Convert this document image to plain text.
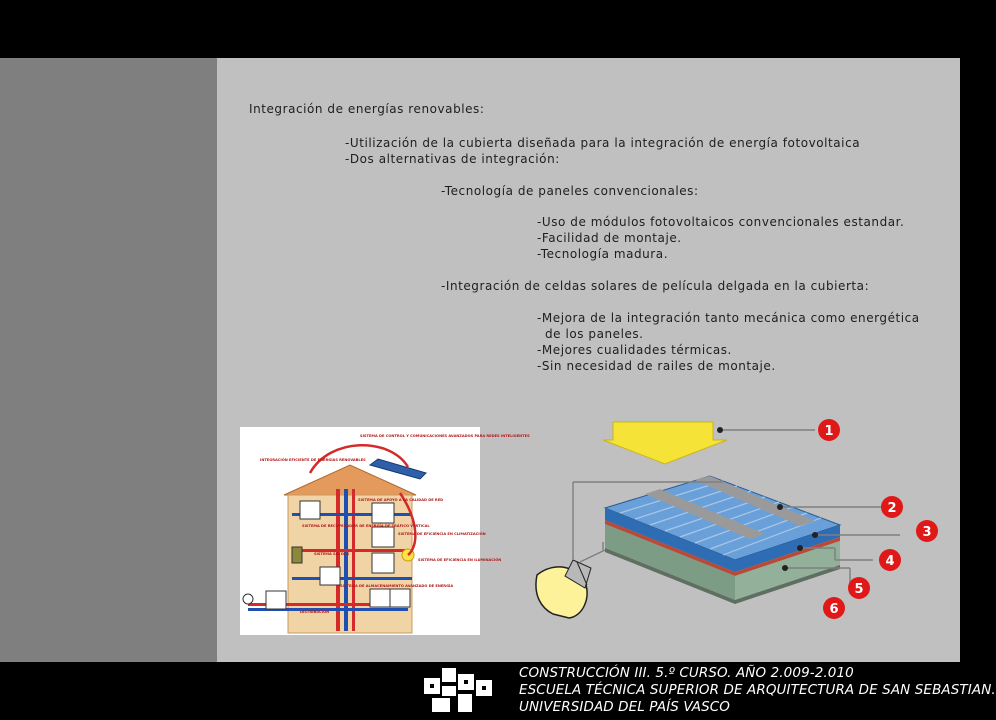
Integración de energías renovables:
-Utilización de la cubierta diseñada para la integración de energía fotovoltaica
-Dos alternativas de integración:
-Tecnología de paneles convencionales:
-Uso de módulos fotovoltaicos convencionales estandar.
-Facilidad de montaje.
-Tecnología madura.
-Integración de celdas solares de película delgada en la cubierta:
-Mejora de la integración tanto mecánica como energética
de los paneles.
-Mejores cualidades térmicas.
-Sin necesidad de railes de montaje.
SISTEMA DE CONTROL Y COMUNICACIONES AVANZADOS PARA REDES INTELIGENTES
INTEGRACIÓN EFICIENTE DE ENERGÍAS RENOVABLES
SISTEMA DE APOYO A LA CALIDAD DE RED
SISTEMA DE RECUPERADOR DE ENERGÍA DE TRÁFICO VERTICAL
SISTEMA DE EFICIENCIA EN CLIMATIZACIÓN
SISTEMA SAI DPS
SISTEMA DE EFICIENCIA EN ILUMINACIÓN
SISTEMA DE ALMACENAMIENTO AVANZADO DE ENERGÍA
DISTRIBUCIÓN
1
2
3
4
5
6
CONSTRUCCIÓN III. 5.º CURSO. AÑO 2.009-2.010
ESCUELA TÉCNICA SUPERIOR DE ARQUITECTURA DE SAN SEBASTIAN.
UNIVERSIDAD DEL PAÍS VASCO
